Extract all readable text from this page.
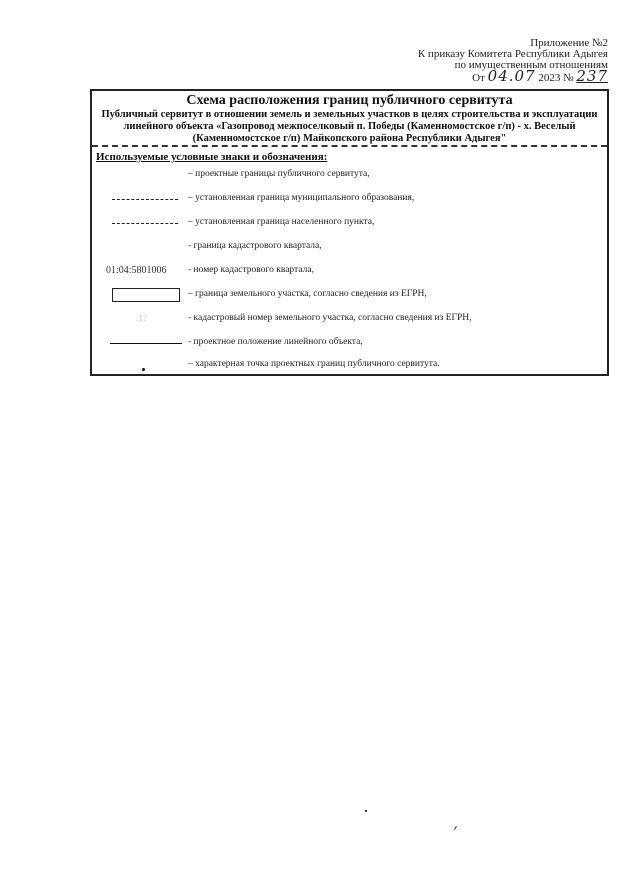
Приложение №2
К приказу Комитета Республики Адыгея
по имущественным отношениям
От 04.07 2023 № 237
Схема расположения границ публичного сервитута
Публичный сервитут в отношении земель и земельных участков в целях строительства и эксплуатации линейного объекта «Газопровод межпоселковый п. Победы (Каменномостское г/п) - х. Веселый (Каменномостское г/п) Майкопского района Республики Адыгея"
Используемые условные знаки и обозначения:
– проектные границы публичного сервитута,
– установленная граница муниципального образования,
– установленная граница населенного пункта,
- граница кадастрового квартала,
01:04:5801006 - номер кадастрового квартала,
– граница земельного участка, согласно сведения из ЕГРН,
:1?	- кадастровый номер земельного участка, согласно сведения из ЕГРН,
- проектное положение линейного объекта,
– характерная точка проектных границ публичного сервитута.
